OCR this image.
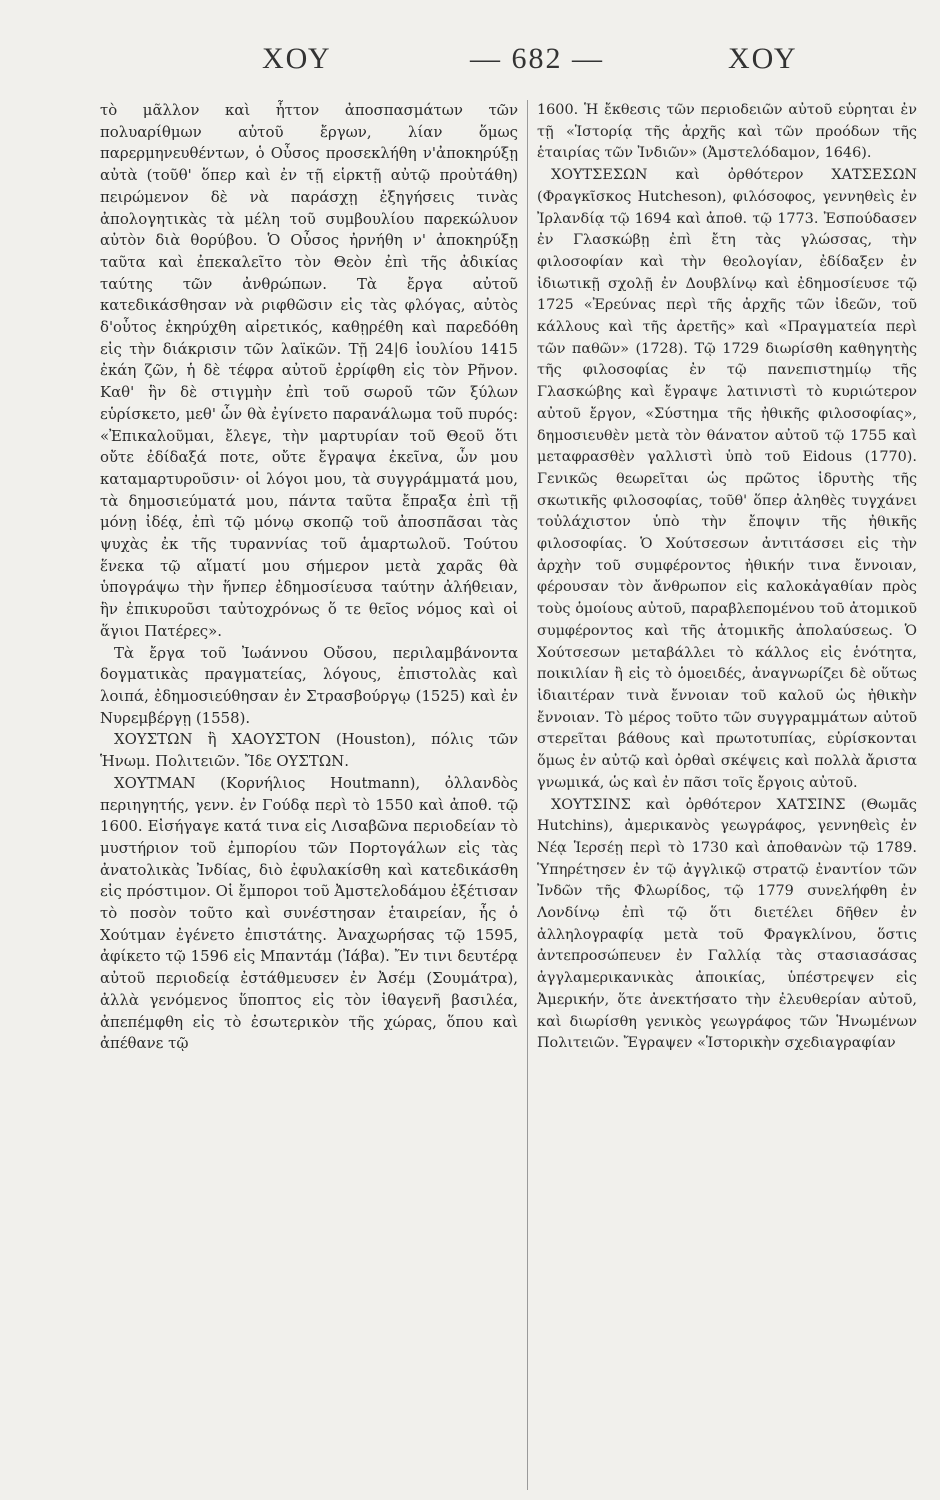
ΧΟΥ	— 682 —	ΧΟΥ

τὸ μᾶλλον καὶ ἧττον ἀποσπασμάτων τῶν πολυαρίθμων αὐτοῦ ἔργων, λίαν ὅμως παρερμηνευθέντων, ὁ Οὖσος προσεκλήθη ν'ἀποκηρύξῃ αὐτὰ (τοῦθ' ὅπερ καὶ ἐν τῇ εἱρκτῇ αὐτῷ προὐτάθη) πειρώμενον δὲ νὰ παράσχῃ ἐξηγήσεις τινὰς ἀπολογητικὰς τὰ μέλη τοῦ συμβουλίου παρεκώλυον αὐτὸν διὰ θορύβου. Ὁ Οὖσος ἠρνήθη ν' ἀποκηρύξῃ ταῦτα καὶ ἐπεκαλεῖτο τὸν Θεὸν ἐπὶ τῆς ἀδικίας ταύτης τῶν ἀνθρώπων. Τὰ ἔργα αὐτοῦ κατεδικάσθησαν νὰ ριφθῶσιν εἰς τὰς φλόγας, αὐτὸς δ'οὗτος ἐκηρύχθη αἱρετικός, καθῃρέθη καὶ παρεδόθη εἰς τὴν διάκρισιν τῶν λαϊκῶν. Τῇ 24|6 ἰουλίου 1415 ἐκάη ζῶν, ἡ δὲ τέφρα αὐτοῦ ἐρρίφθη εἰς τὸν Ρῆνον. Καθ' ἣν δὲ στιγμὴν ἐπὶ τοῦ σωροῦ τῶν ξύλων εὑρίσκετο, μεθ' ὧν θὰ ἐγίνετο παρανάλωμα τοῦ πυρός: «Ἐπικαλοῦμαι, ἔλεγε, τὴν μαρτυρίαν τοῦ Θεοῦ ὅτι οὔτε ἐδίδαξά ποτε, οὔτε ἔγραψα ἐκεῖνα, ὧν μου καταμαρτυροῦσιν· οἱ λόγοι μου, τὰ συγγράμματά μου, τὰ δημοσιεύματά μου, πάντα ταῦτα ἔπραξα ἐπὶ τῇ μόνῃ ἰδέᾳ, ἐπὶ τῷ μόνῳ σκοπῷ τοῦ ἀποσπᾶσαι τὰς ψυχὰς ἐκ τῆς τυραννίας τοῦ ἁμαρτωλοῦ. Τούτου ἕνεκα τῷ αἵματί μου σήμερον μετὰ χαρᾶς θὰ ὑπογράψω τὴν ἥνπερ ἐδημοσίευσα ταύτην ἀλήθειαν, ἣν ἐπικυροῦσι ταὐτοχρόνως ὅ τε θεῖος νόμος καὶ οἱ ἅγιοι Πατέρες».

Τὰ ἔργα τοῦ Ἰωάννου Οὔσου, περιλαμβάνοντα δογματικὰς πραγματείας, λόγους, ἐπιστολὰς καὶ λοιπά, ἐδημοσιεύθησαν ἐν Στρασβούργῳ (1525) καὶ ἐν Νυρεμβέργῃ (1558).

ΧΟΥΣΤΩΝ ἢ ΧΑΟΥΣΤΟΝ (Houston), πόλις τῶν Ἡνωμ. Πολιτειῶν. Ἴδε ΟΥΣΤΩΝ.

ΧΟΥΤΜΑΝ (Κορνήλιος Houtmann), ὀλλανδὸς περιηγητής, γενν. ἐν Γούδᾳ περὶ τὸ 1550 καὶ ἀποθ. τῷ 1600. Εἰσήγαγε κατά τινα εἰς Λισαβῶνα περιοδείαν τὸ μυστήριον τοῦ ἐμπορίου τῶν Πορτογάλων εἰς τὰς ἀνατολικὰς Ἰνδίας, διὸ ἐφυλακίσθη καὶ κατεδικάσθη εἰς πρόστιμον. Οἱ ἔμποροι τοῦ Ἀμστελοδάμου ἐξέτισαν τὸ ποσὸν τοῦτο καὶ συνέστησαν ἑταιρείαν, ἧς ὁ Χούτμαν ἐγένετο ἐπιστάτης. Ἀναχωρήσας τῷ 1595, ἀφίκετο τῷ 1596 εἰς Μπαντάμ (Ἰάβα). Ἔν τινι δευτέρᾳ αὐτοῦ περιοδείᾳ ἐστάθμευσεν ἐν Ἀσέμ (Σουμάτρα), ἀλλὰ γενόμενος ὕποπτος εἰς τὸν ἰθαγενῆ βασιλέα, ἀπεπέμφθη εἰς τὸ ἐσωτερικὸν τῆς χώρας, ὅπου καὶ ἀπέθανε τῷ

1600. Ἡ ἔκθεσις τῶν περιοδειῶν αὐτοῦ εὑρηται ἐν τῇ «Ἱστορίᾳ τῆς ἀρχῆς καὶ τῶν προόδων τῆς ἑταιρίας τῶν Ἰνδιῶν» (Ἀμστελόδαμον, 1646).

ΧΟΥΤΣΕΣΩΝ καὶ ὀρθότερον ΧΑΤΣΕΣΩΝ (Φραγκῖσκος Hutcheson), φιλόσοφος, γεννηθεὶς ἐν Ἰρλανδίᾳ τῷ 1694 καὶ ἀποθ. τῷ 1773. Ἐσπούδασεν ἐν Γλασκώβῃ ἐπὶ ἔτη τὰς γλώσσας, τὴν φιλοσοφίαν καὶ τὴν θεολογίαν, ἐδίδαξεν ἐν ἰδιωτικῇ σχολῇ ἐν Δουβλίνῳ καὶ ἐδημοσίευσε τῷ 1725 «Ἐρεύνας περὶ τῆς ἀρχῆς τῶν ἰδεῶν, τοῦ κάλλους καὶ τῆς ἀρετῆς» καὶ «Πραγματεία περὶ τῶν παθῶν» (1728). Τῷ 1729 διωρίσθη καθηγητὴς τῆς φιλοσοφίας ἐν τῷ πανεπιστημίῳ τῆς Γλασκώβης καὶ ἔγραψε λατινιστὶ τὸ κυριώτερον αὐτοῦ ἔργον, «Σύστημα τῆς ἠθικῆς φιλοσοφίας», δημοσιευθὲν μετὰ τὸν θάνατον αὐτοῦ τῷ 1755 καὶ μεταφρασθὲν γαλλιστὶ ὑπὸ τοῦ Eidous (1770). Γενικῶς θεωρεῖται ὡς πρῶτος ἱδρυτὴς τῆς σκωτικῆς φιλοσοφίας, τοῦθ' ὅπερ ἀληθὲς τυγχάνει τοὐλάχιστον ὑπὸ τὴν ἔποψιν τῆς ἠθικῆς φιλοσοφίας. Ὁ Χούτσεσων ἀντιτάσσει εἰς τὴν ἀρχὴν τοῦ συμφέροντος ἠθικήν τινα ἔννοιαν, φέρουσαν τὸν ἄνθρωπον εἰς καλοκἀγαθίαν πρὸς τοὺς ὁμοίους αὐτοῦ, παραβλεπομένου τοῦ ἀτομικοῦ συμφέροντος καὶ τῆς ἀτομικῆς ἀπολαύσεως. Ὁ Χούτσεσων μεταβάλλει τὸ κάλλος εἰς ἑνότητα, ποικιλίαν ἢ εἰς τὸ ὁμοειδές, ἀναγνωρίζει δὲ οὕτως ἰδιαιτέραν τινὰ ἔννοιαν τοῦ καλοῦ ὡς ἠθικὴν ἔννοιαν. Τὸ μέρος τοῦτο τῶν συγγραμμάτων αὐτοῦ στερεῖται βάθους καὶ πρωτοτυπίας, εὑρίσκονται ὅμως ἐν αὐτῷ καὶ ὀρθαὶ σκέψεις καὶ πολλὰ ἄριστα γνωμικά, ὡς καὶ ἐν πᾶσι τοῖς ἔργοις αὐτοῦ.

ΧΟΥΤΣΙΝΣ καὶ ὀρθότερον ΧΑΤΣΙΝΣ (Θωμᾶς Hutchins), ἀμερικανὸς γεωγράφος, γεννηθεὶς ἐν Νέᾳ Ἱερσέῃ περὶ τὸ 1730 καὶ ἀποθανὼν τῷ 1789. Ὑπηρέτησεν ἐν τῷ ἀγγλικῷ στρατῷ ἐναντίον τῶν Ἰνδῶν τῆς Φλωρίδος, τῷ 1779 συνελήφθη ἐν Λονδίνῳ ἐπὶ τῷ ὅτι διετέλει δῆθεν ἐν ἀλληλογραφίᾳ μετὰ τοῦ Φραγκλίνου, ὅστις ἀντεπροσώπευεν ἐν Γαλλίᾳ τὰς στασιασάσας ἀγγλαμερικανικὰς ἀποικίας, ὑπέστρεψεν εἰς Ἀμερικήν, ὅτε ἀνεκτήσατο τὴν ἐλευθερίαν αὐτοῦ, καὶ διωρίσθη γενικὸς γεωγράφος τῶν Ἡνωμένων Πολιτειῶν. Ἔγραψεν «Ἱστορικὴν σχεδιαγραφίαν
